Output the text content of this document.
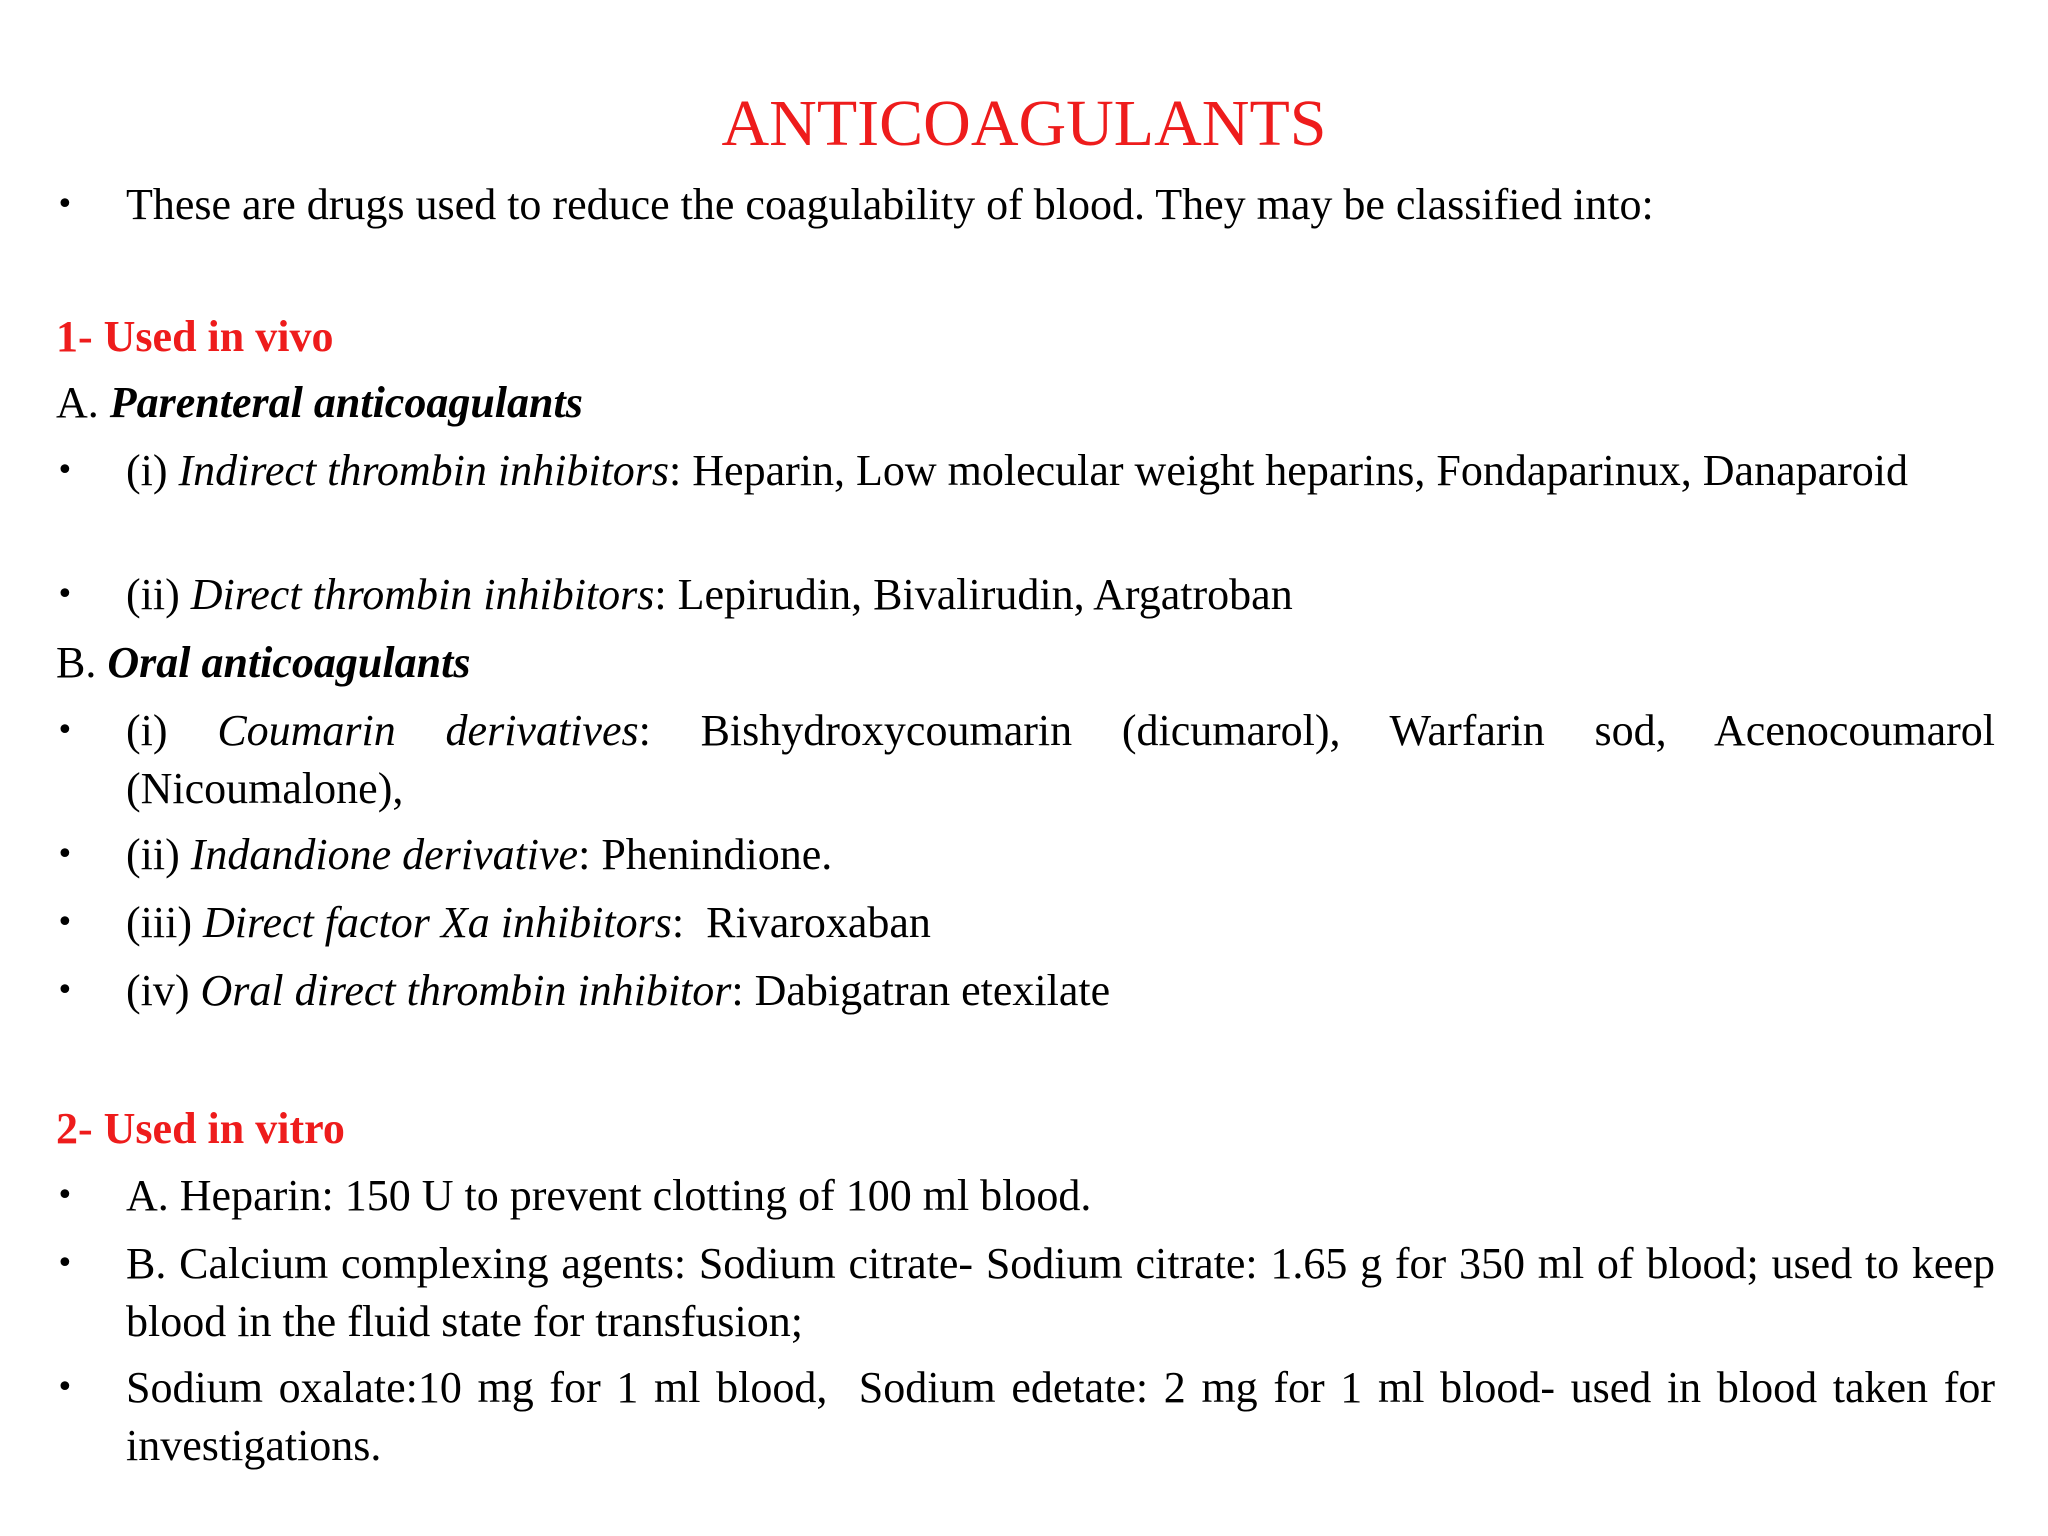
ANTICOAGULANTS
•	These are drugs used to reduce the coagulability of blood. They may be classified into:
1- Used in vivo
A. Parenteral anticoagulants
•	(i) Indirect thrombin inhibitors: Heparin, Low molecular weight heparins, Fondaparinux, Danaparoid
•	(ii) Direct thrombin inhibitors: Lepirudin, Bivalirudin, Argatroban
B. Oral anticoagulants
•	(i) Coumarin derivatives: Bishydroxycoumarin (dicumarol), Warfarin sod, Acenocoumarol (Nicoumalone),
•	(ii) Indandione derivative: Phenindione.
•	(iii) Direct factor Xa inhibitors:  Rivaroxaban
•	(iv) Oral direct thrombin inhibitor: Dabigatran etexilate
2- Used in vitro
•	A. Heparin: 150 U to prevent clotting of 100 ml blood.
•	B. Calcium complexing agents: Sodium citrate- Sodium citrate: 1.65 g for 350 ml of blood; used to keep blood in the fluid state for transfusion;
•	Sodium oxalate:10 mg for 1 ml blood,  Sodium edetate: 2 mg for 1 ml blood- used in blood taken for investigations.
